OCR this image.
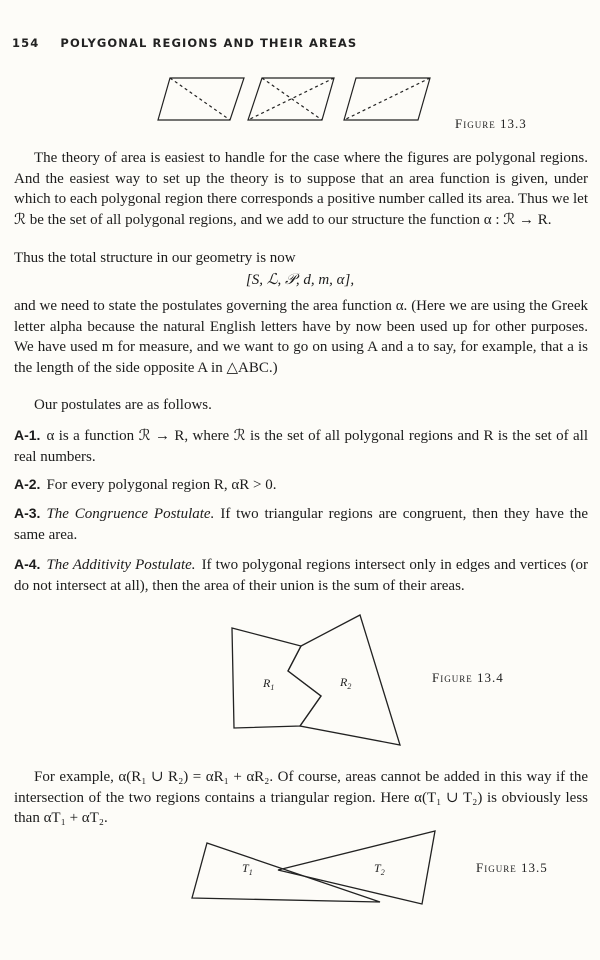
154 POLYGONAL REGIONS AND THEIR AREAS
Figure 13.3

The theory of area is easiest to handle for the case where the figures are polygonal regions. And the easiest way to set up the theory is to suppose that an area function is given, under which to each polygonal region there corresponds a positive number called its area. Thus we let ℛ be the set of all polygonal regions, and we add to our structure the function α : ℛ → R.

Thus the total structure in our geometry is now

[S, ℒ, 𝒫, d, m, α],

and we need to state the postulates governing the area function α. (Here we are using the Greek letter alpha because the natural English letters have by now been used up for other purposes. We have used m for measure, and we want to go on using A and a to say, for example, that a is the length of the side opposite A in △ABC.)

Our postulates are as follows.

A-1. α is a function ℛ → R, where ℛ is the set of all polygonal regions and R is the set of all real numbers.

A-2. For every polygonal region R, αR > 0.

A-3. The Congruence Postulate. If two triangular regions are congruent, then they have the same area.

A-4. The Additivity Postulate. If two polygonal regions intersect only in edges and vertices (or do not intersect at all), then the area of their union is the sum of their areas.

$R_1$	$R_2$
Figure 13.4

For example, α(R₁ ∪ R₂) = αR₁ + αR₂. Of course, areas cannot be added in this way if the intersection of the two regions contains a triangular region. Here α(T₁ ∪ T₂) is obviously less than αT₁ + αT₂.

$T_1$	$T_2$	Figure 13.5
